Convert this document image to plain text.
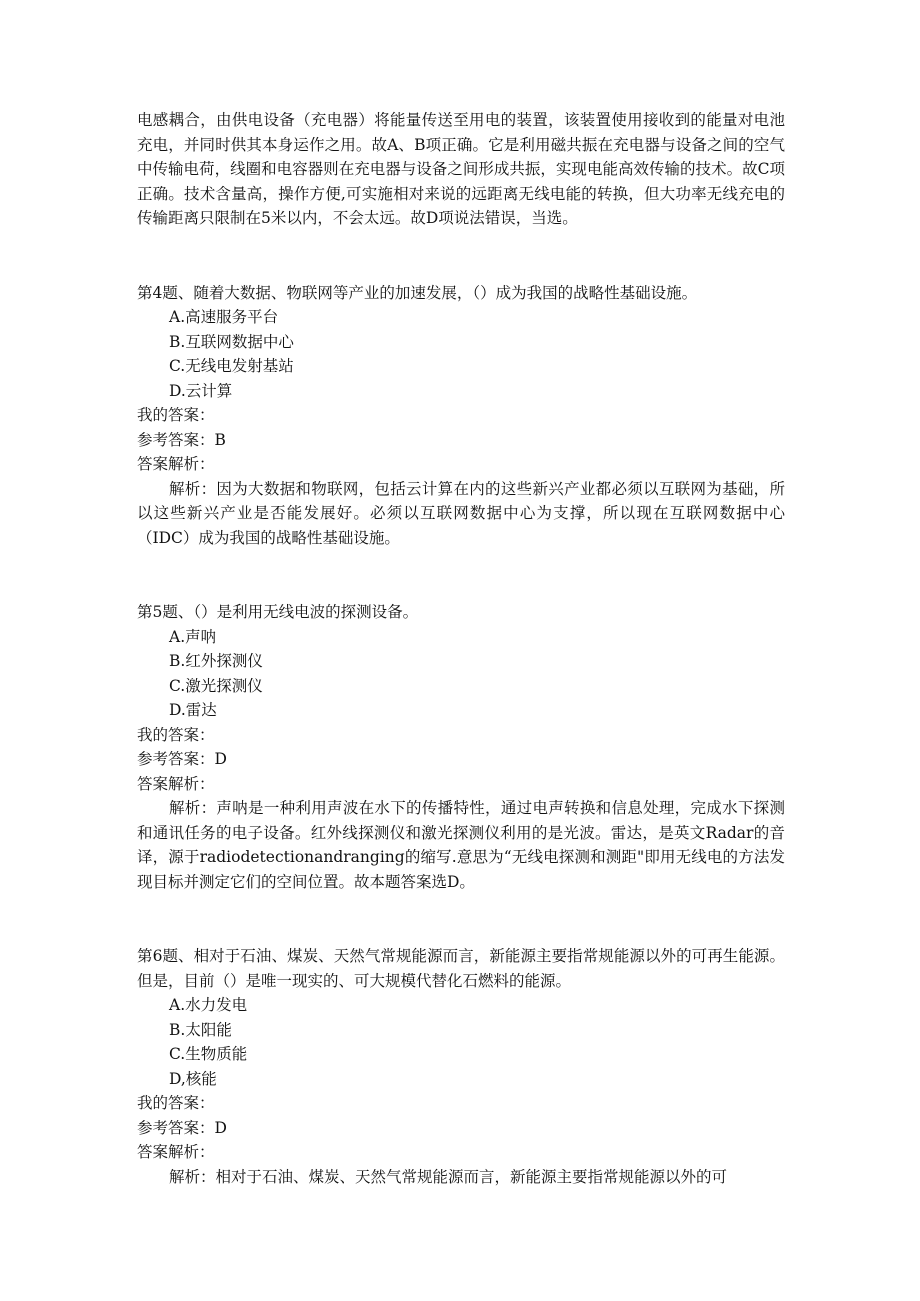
电感耦合，由供电设备（充电器）将能量传送至用电的装置，该装置使用接收到的能量对电池充电，并同时供其本身运作之用。故A、B项正确。它是利用磁共振在充电器与设备之间的空气中传输电荷，线圈和电容器则在充电器与设备之间形成共振，实现电能高效传输的技术。故C项正确。技术含量高，操作方便,可实施相对来说的远距离无线电能的转换，但大功率无线充电的传输距离只限制在5米以内，不会太远。故D项说法错误，当选。

第4题、随着大数据、物联网等产业的加速发展，（）成为我国的战略性基础设施。

A.高速服务平台
B.互联网数据中心
C.无线电发射基站
D.云计算
我的答案：
参考答案：B
答案解析：

解析：因为大数据和物联网，包括云计算在内的这些新兴产业都必须以互联网为基础，所以这些新兴产业是否能发展好。必须以互联网数据中心为支撑，所以现在互联网数据中心（IDC）成为我国的战略性基础设施。

第5题、（）是利用无线电波的探测设备。

A.声呐
B.红外探测仪
C.激光探测仪
D.雷达
我的答案：
参考答案：D
答案解析：

解析：声呐是一种利用声波在水下的传播特性，通过电声转换和信息处理，完成水下探测和通讯任务的电子设备。红外线探测仪和激光探测仪利用的是光波。雷达，是英文Radar的音译，源于radiodetectionandranging的缩写.意思为“无线电探测和测距"即用无线电的方法发现目标并测定它们的空间位置。故本题答案选D。

第6题、相对于石油、煤炭、天然气常规能源而言，新能源主要指常规能源以外的可再生能源。但是，目前（）是唯一现实的、可大规模代替化石燃料的能源。

A.水力发电
B.太阳能
C.生物质能
D,核能
我的答案：
参考答案：D
答案解析：

解析：相对于石油、煤炭、天然气常规能源而言，新能源主要指常规能源以外的可
